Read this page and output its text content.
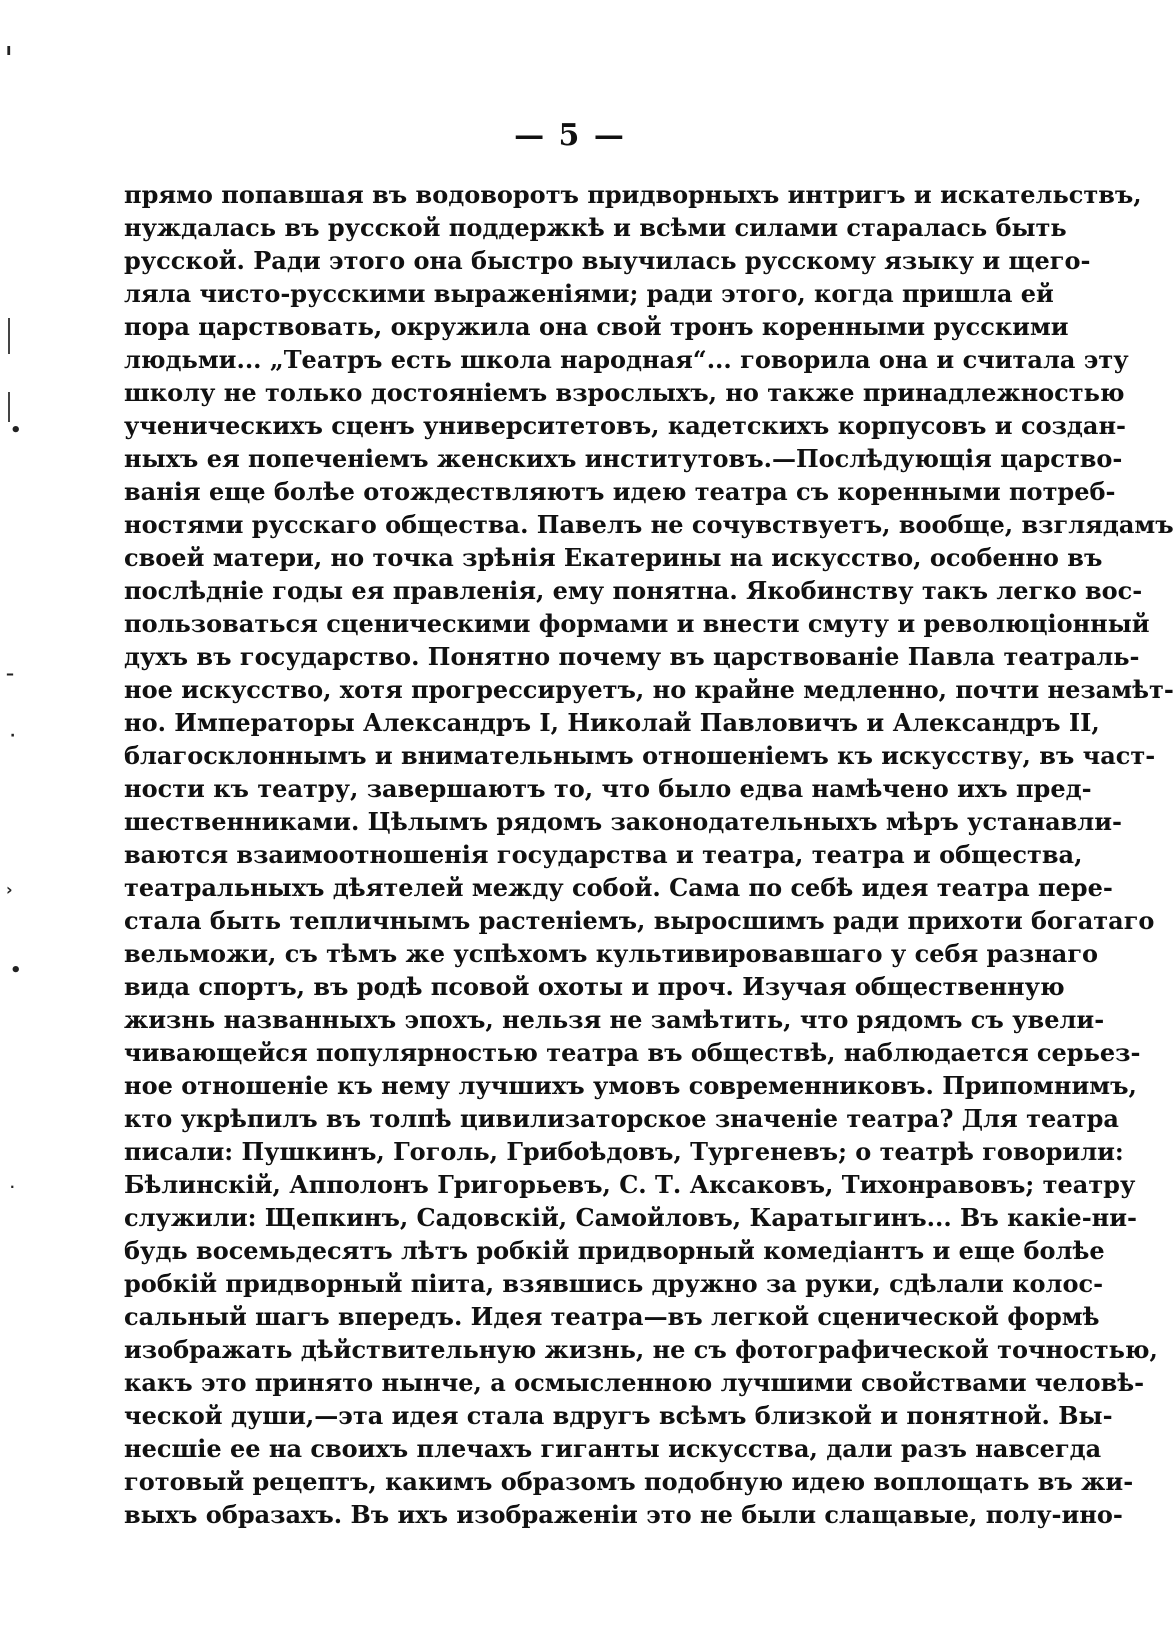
ı
•
–
·
›
•
·
— 5 —
прямо попавшая въ водоворотъ придворныхъ интригъ и искательствъ,
нуждалась въ русской поддержкѣ и всѣми силами старалась быть
русской. Ради этого она быстро выучилась русскому языку и щего-
ляла чисто-русскими выраженіями; ради этого, когда пришла ей
пора царствовать, окружила она свой тронъ коренными русскими
людьми... „Театръ есть школа народная“... говорила она и считала эту
школу не только достояніемъ взрослыхъ, но также принадлежностью
ученическихъ сценъ университетовъ, кадетскихъ корпусовъ и создан-
ныхъ ея попеченіемъ женскихъ институтовъ.—Послѣдующія царство-
ванія еще болѣе отождествляютъ идею театра съ коренными потреб-
ностями русскаго общества. Павелъ не сочувствуетъ, вообще, взглядамъ
своей матери, но точка зрѣнія Екатерины на искусство, особенно въ
послѣдніе годы ея правленія, ему понятна. Якобинству такъ легко вос-
пользоваться сценическими формами и внести смуту и революціонный
духъ въ государство. Понятно почему въ царствованіе Павла театраль-
ное искусство, хотя прогрессируетъ, но крайне медленно, почти незамѣт-
но. Императоры Александръ I, Николай Павловичъ и Александръ II,
благосклоннымъ и внимательнымъ отношеніемъ къ искусству, въ част-
ности къ театру, завершаютъ то, что было едва намѣчено ихъ пред-
шественниками. Цѣлымъ рядомъ законодательныхъ мѣръ устанавли-
ваются взаимоотношенія государства и театра, театра и общества,
театральныхъ дѣятелей между собой. Сама по себѣ идея театра пере-
стала быть тепличнымъ растеніемъ, выросшимъ ради прихоти богатаго
вельможи, съ тѣмъ же успѣхомъ культивировавшаго у себя разнаго
вида спортъ, въ родѣ псовой охоты и проч. Изучая общественную
жизнь названныхъ эпохъ, нельзя не замѣтить, что рядомъ съ увели-
чивающейся популярностью театра въ обществѣ, наблюдается серьез-
ное отношеніе къ нему лучшихъ умовъ современниковъ. Припомнимъ,
кто укрѣпилъ въ толпѣ цивилизаторское значеніе театра? Для театра
писали: Пушкинъ, Гоголь, Грибоѣдовъ, Тургеневъ; о театрѣ говорили:
Бѣлинскій, Апполонъ Григорьевъ, С. Т. Аксаковъ, Тихонравовъ; театру
служили: Щепкинъ, Садовскій, Самойловъ, Каратыгинъ... Въ какіе-ни-
будь восемьдесятъ лѣтъ робкій придворный комедіантъ и еще болѣе
робкій придворный піита, взявшись дружно за руки, сдѣлали колос-
сальный шагъ впередъ. Идея театра—въ легкой сценической формѣ
изображать дѣйствительную жизнь, не съ фотографической точностью,
какъ это принято нынче, а осмысленною лучшими свойствами человѣ-
ческой души,—эта идея стала вдругъ всѣмъ близкой и понятной. Вы-
несшіе ее на своихъ плечахъ гиганты искусства, дали разъ навсегда
готовый рецептъ, какимъ образомъ подобную идею воплощать въ жи-
выхъ образахъ. Въ ихъ изображеніи это не были слащавые, полу-ино-
